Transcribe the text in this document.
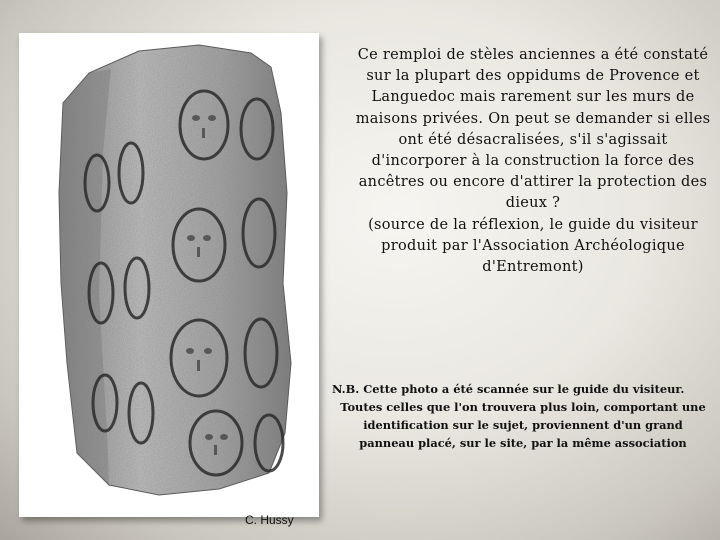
C. Hussy

Ce remploi de stèles anciennes a été constaté sur la plupart des oppidums de Provence et Languedoc mais rarement sur les murs de maisons privées. On peut se demander si elles ont été désacralisées, s'il s'agissait d'incorporer à la construction la force des ancêtres ou encore d'attirer la protection des dieux ?

(source de la réflexion, le guide du visiteur produit par l'Association Archéologique d'Entremont)

N.B. Cette photo a été scannée sur le guide du visiteur.
Toutes celles que l'on trouvera plus loin, comportant une
identification sur le sujet, proviennent d'un grand
panneau placé, sur le site, par la même association
